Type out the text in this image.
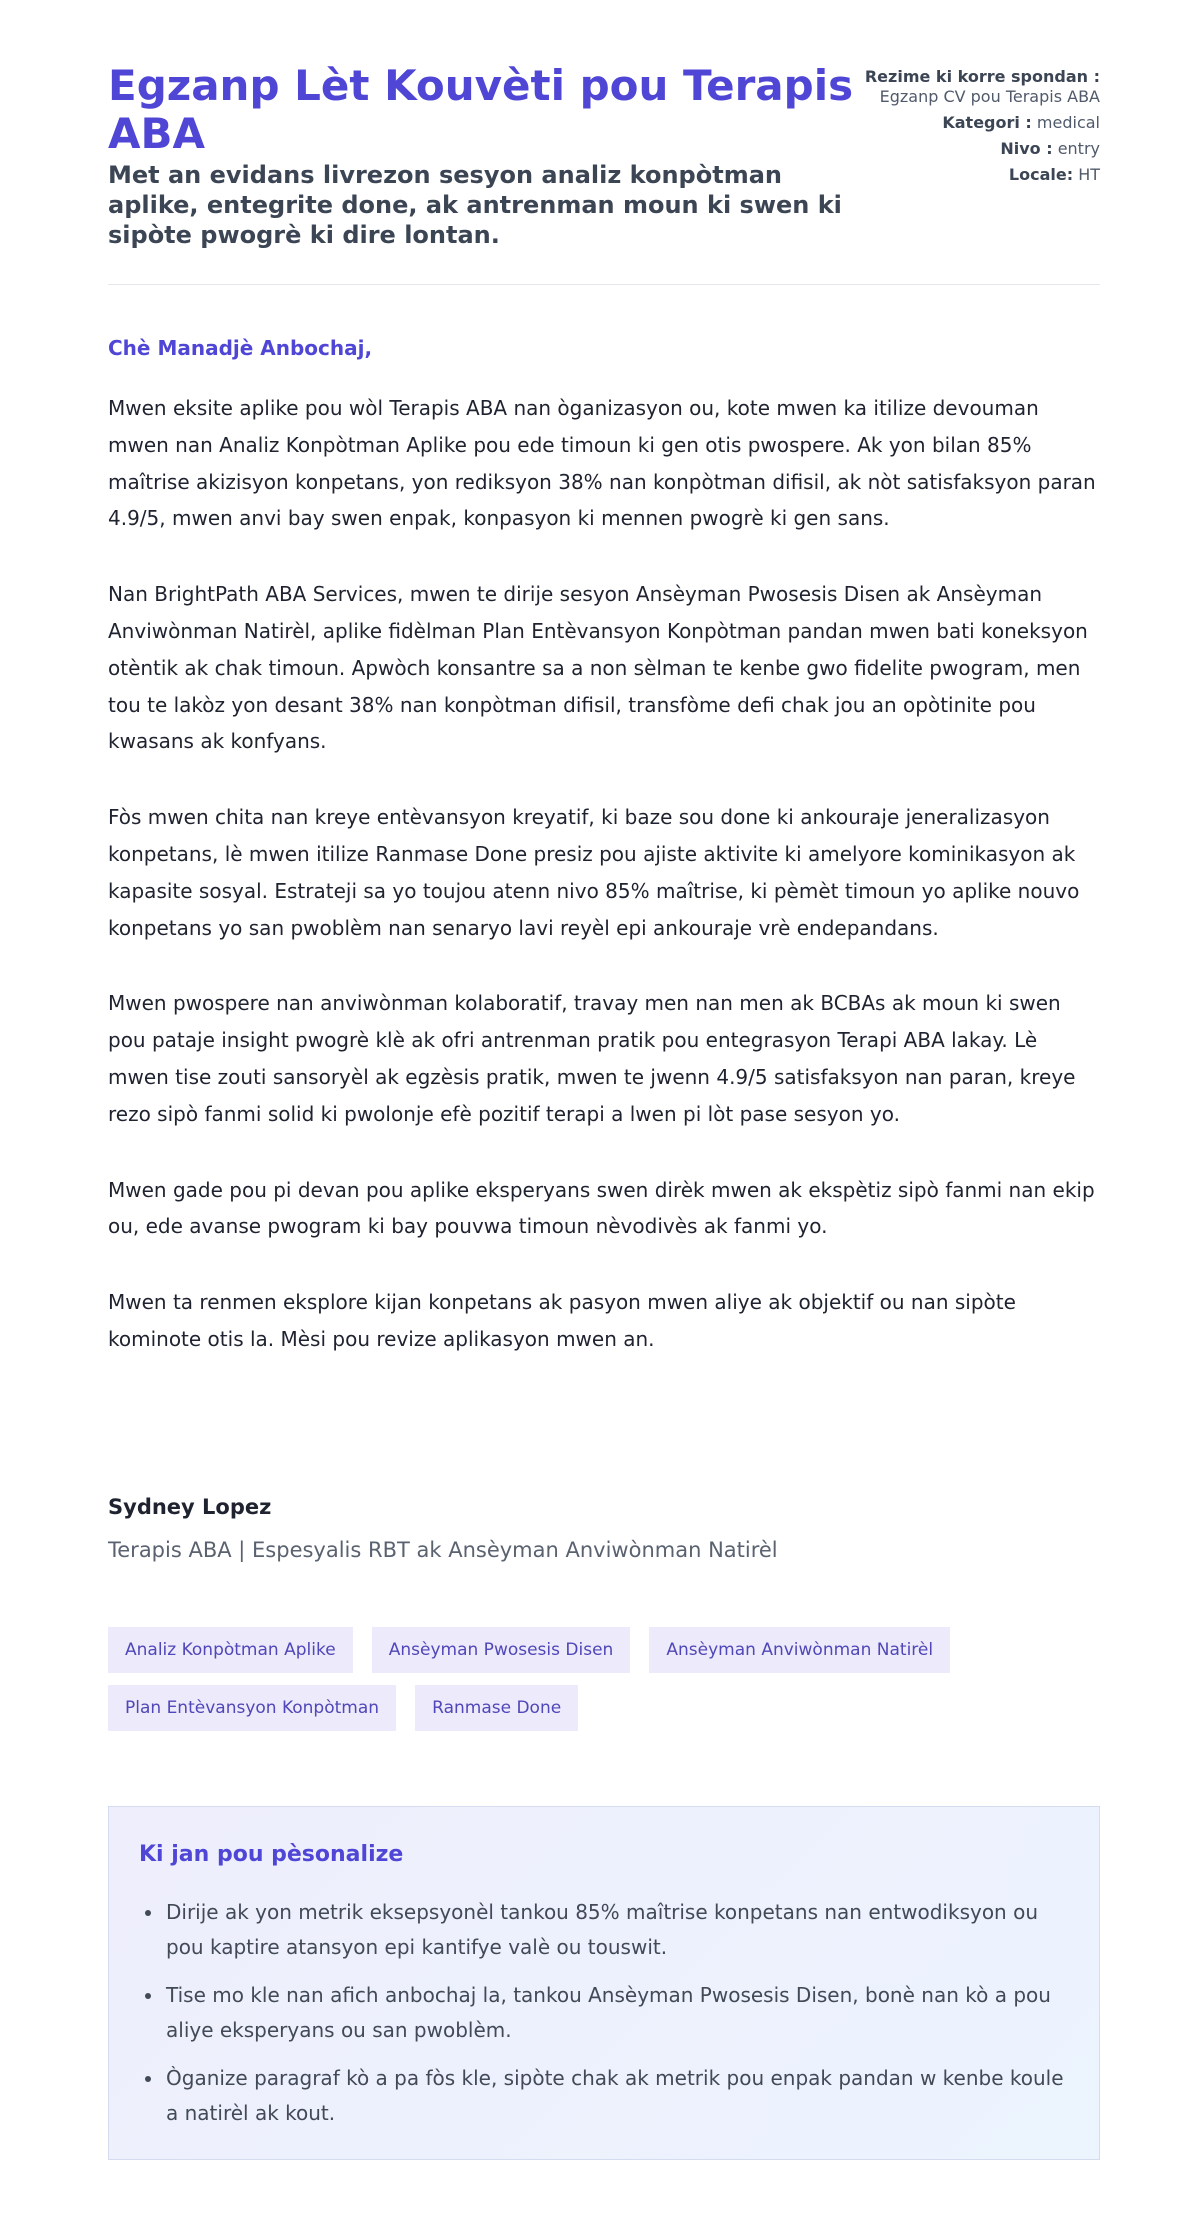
Egzanp Lèt Kouvèti pou Terapis ABA
Met an evidans livrezon sesyon analiz konpòtman aplike, entegrite done, ak antrenman moun ki swen ki sipòte pwogrè ki dire lontan.
Rezime ki korre spondan : Egzanp CV pou Terapis ABA
Kategori : medical
Nivo : entry
Locale: HT

Chè Manadjè Anbochaj,

Mwen eksite aplike pou wòl Terapis ABA nan òganizasyon ou, kote mwen ka itilize devouman mwen nan Analiz Konpòtman Aplike pou ede timoun ki gen otis pwospere. Ak yon bilan 85% maîtrise akizisyon konpetans, yon rediksyon 38% nan konpòtman difisil, ak nòt satisfaksyon paran 4.9/5, mwen anvi bay swen enpak, konpasyon ki mennen pwogrè ki gen sans.

Nan BrightPath ABA Services, mwen te dirije sesyon Ansèyman Pwosesis Disen ak Ansèyman Anviwònman Natirèl, aplike fidèlman Plan Entèvansyon Konpòtman pandan mwen bati koneksyon otèntik ak chak timoun. Apwòch konsantre sa a non sèlman te kenbe gwo fidelite pwogram, men tou te lakòz yon desant 38% nan konpòtman difisil, transfòme defi chak jou an opòtinite pou kwasans ak konfyans.

Fòs mwen chita nan kreye entèvansyon kreyatif, ki baze sou done ki ankouraje jeneralizasyon konpetans, lè mwen itilize Ranmase Done presiz pou ajiste aktivite ki amelyore kominikasyon ak kapasite sosyal. Estrateji sa yo toujou atenn nivo 85% maîtrise, ki pèmèt timoun yo aplike nouvo konpetans yo san pwoblèm nan senaryo lavi reyèl epi ankouraje vrè endepandans.

Mwen pwospere nan anviwònman kolaboratif, travay men nan men ak BCBAs ak moun ki swen pou pataje insight pwogrè klè ak ofri antrenman pratik pou entegrasyon Terapi ABA lakay. Lè mwen tise zouti sansoryèl ak egzèsis pratik, mwen te jwenn 4.9/5 satisfaksyon nan paran, kreye rezo sipò fanmi solid ki pwolonje efè pozitif terapi a lwen pi lòt pase sesyon yo.

Mwen gade pou pi devan pou aplike eksperyans swen dirèk mwen ak ekspètiz sipò fanmi nan ekip ou, ede avanse pwogram ki bay pouvwa timoun nèvodivès ak fanmi yo.

Mwen ta renmen eksplore kijan konpetans ak pasyon mwen aliye ak objektif ou nan sipòte kominote otis la. Mèsi pou revize aplikasyon mwen an.

Sydney Lopez

Terapis ABA | Espesyalis RBT ak Ansèyman Anviwònman Natirèl

Analiz Konpòtman Aplike	Ansèyman Pwosesis Disen	Ansèyman Anviwònman Natirèl Plan Entèvansyon Konpòtman	Ranmase Done
Ki jan pou pèsonalize
• Dirije ak yon metrik eksepsyonèl tankou 85% maîtrise konpetans nan entwodiksyon ou pou kaptire atansyon epi kantifye valè ou touswit.
• Tise mo kle nan afich anbochaj la, tankou Ansèyman Pwosesis Disen, bonè nan kò a pou aliye eksperyans ou san pwoblèm.
• Òganize paragraf kò a pa fòs kle, sipòte chak ak metrik pou enpak pandan w kenbe koule a natirèl ak kout.
